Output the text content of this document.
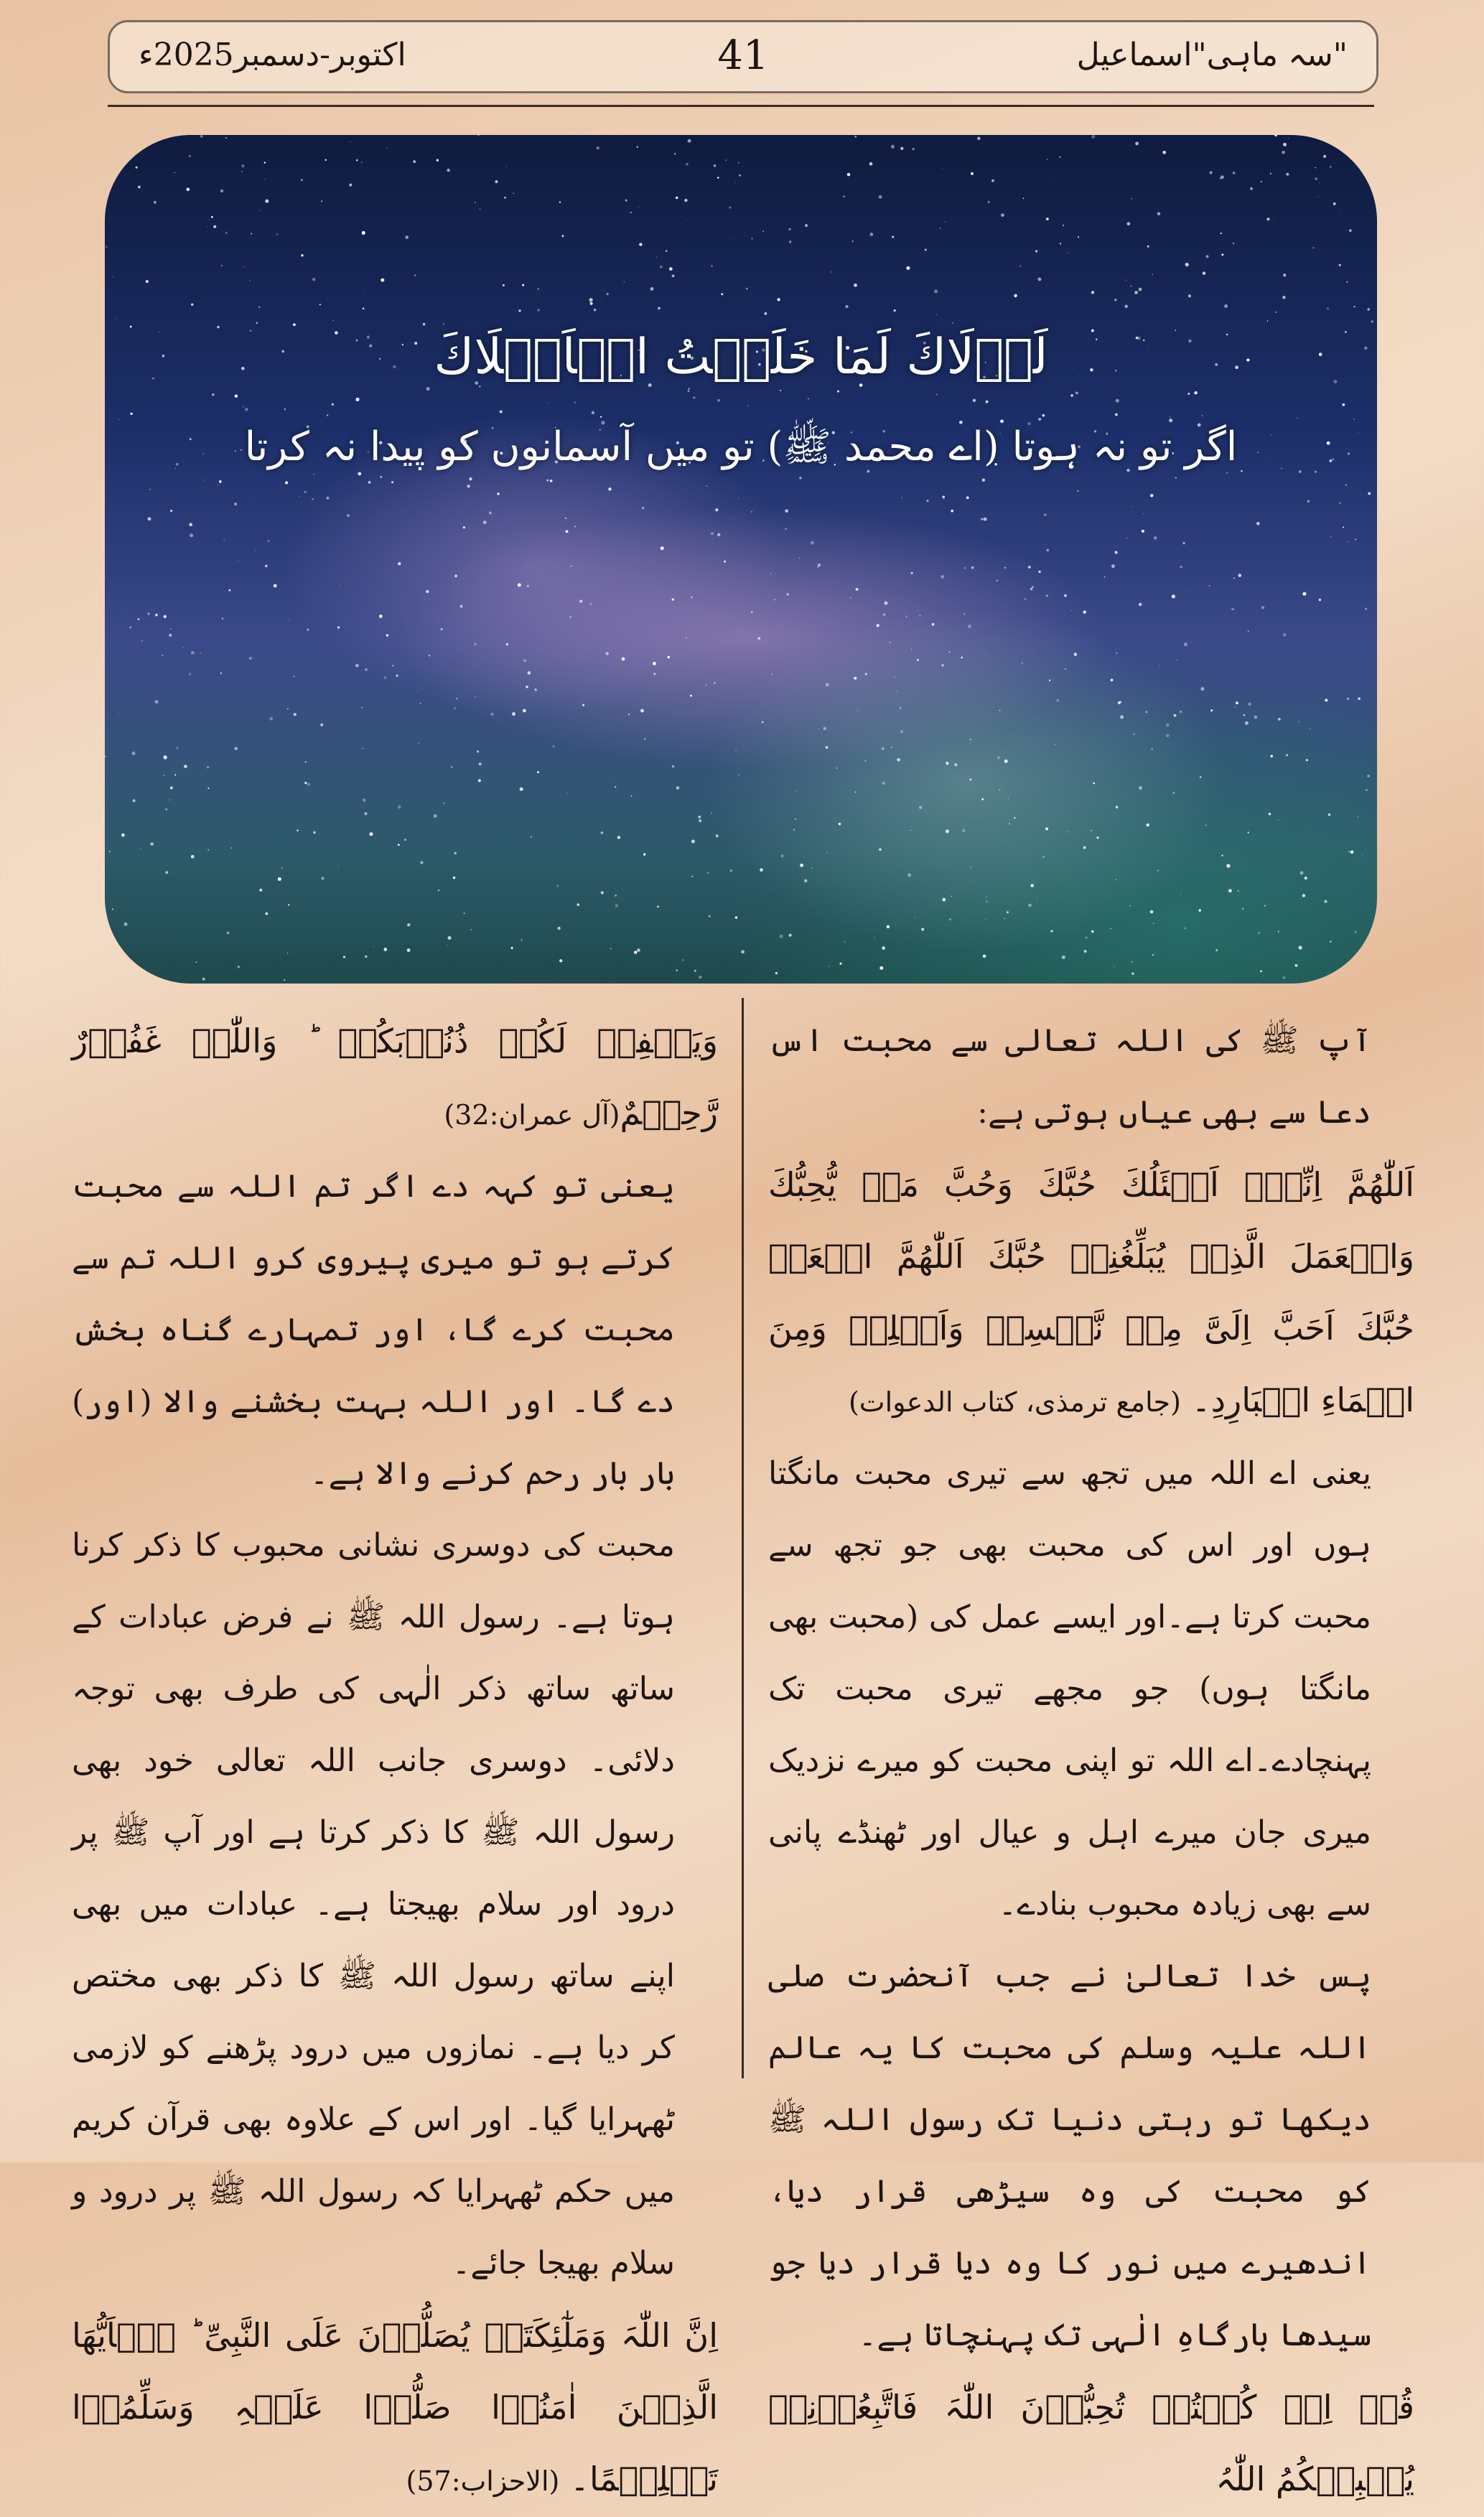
اکتوبر-دسمبر2025ء	41	سہ ماہی"اسماعیل"
لَوۡلَاكَ لَمَا خَلَقۡتُ الۡاَفۡلَاكَ
اگر تو نہ ہوتا (اے محمد ﷺ) تو میں آسمانوں کو پیدا نہ کرتا

آپ ﷺ کی اللہ تعالی سے محبت اس دعا سے بھی عیاں ہوتی ہے:

اَللّٰھُمَّ اِنِّیۡۤ اَسۡئَلُكَ حُبَّكَ وَحُبَّ مَنۡ یُّحِبُّكَ وَالۡعَمَلَ الَّذِیۡ یُبَلِّغُنِیۡ حُبَّكَ اَللّٰھُمَّ اجۡعَلۡ حُبَّكَ اَحَبَّ اِلَیَّ مِنۡ نَّفۡسِیۡ وَاَھۡلِیۡ وَمِنَ الۡمَاءِ الۡبَارِدِ۔ (جامع ترمذی، کتاب الدعوات)

یعنی اے اللہ میں تجھ سے تیری محبت مانگتا ہوں اور اس کی محبت بھی جو تجھ سے محبت کرتا ہے۔اور ایسے عمل کی (محبت بھی مانگتا ہوں) جو مجھے تیری محبت تک پہنچادے۔اے اللہ تو اپنی محبت کو میرے نزدیک میری جان میرے اہل و عیال اور ٹھنڈے پانی سے بھی زیادہ محبوب بنادے۔

پس خدا تعالیٰ نے جب آنحضرت صلی اللہ علیہ وسلم کی محبت کا یہ عالم دیکھا تو رہتی دنیا تک رسول اللہ ﷺ کو محبت کی وہ سیڑھی قرار دیا، اندھیرے میں نور کا وہ دیا قرار دیا جو سیدھا بارگاہِ الٰہی تک پہنچاتا ہے۔

قُلۡ اِنۡ کُنۡتُمۡ تُحِبُّوۡنَ اللّٰہَ فَاتَّبِعُوۡنِیۡ یُحۡبِبۡکُمُ اللّٰہُ

وَیَغۡفِرۡ لَکُمۡ ذُنُوۡبَکُمۡ ؕ وَاللّٰہُ غَفُوۡرٌ رَّحِیۡمٌ(آل عمران:32)

یعنی تو کہہ دے اگر تم اللہ سے محبت کرتے ہو تو میری پیروی کرو اللہ تم سے محبت کرے گا، اور تمہارے گناہ بخش دے گا۔ اور اللہ بہت بخشنے والا (اور) بار بار رحم کرنے والا ہے۔

محبت کی دوسری نشانی محبوب کا ذکر کرنا ہوتا ہے۔ رسول اللہ ﷺ نے فرض عبادات کے ساتھ ساتھ ذکر الٰہی کی طرف بھی توجہ دلائی۔ دوسری جانب اللہ تعالی خود بھی رسول اللہ ﷺ کا ذکر کرتا ہے اور آپ ﷺ پر درود اور سلام بھیجتا ہے۔ عبادات میں بھی اپنے ساتھ رسول اللہ ﷺ کا ذکر بھی مختص کر دیا ہے۔ نمازوں میں درود پڑھنے کو لازمی ٹھہرایا گیا۔ اور اس کے علاوہ بھی قرآن کریم میں حکم ٹھہرایا کہ رسول اللہ ﷺ پر درود و سلام بھیجا جائے۔

اِنَّ اللّٰہَ وَمَلٰٓئِکَتَہٗ یُصَلُّوۡنَ عَلَی النَّبِیِّ ؕ یٰۤاَیُّھَا الَّذِیۡنَ اٰمَنُوۡا صَلُّوۡا عَلَیۡہِ وَسَلِّمُوۡا تَسۡلِیۡمًا۔ (الاحزاب:57)
